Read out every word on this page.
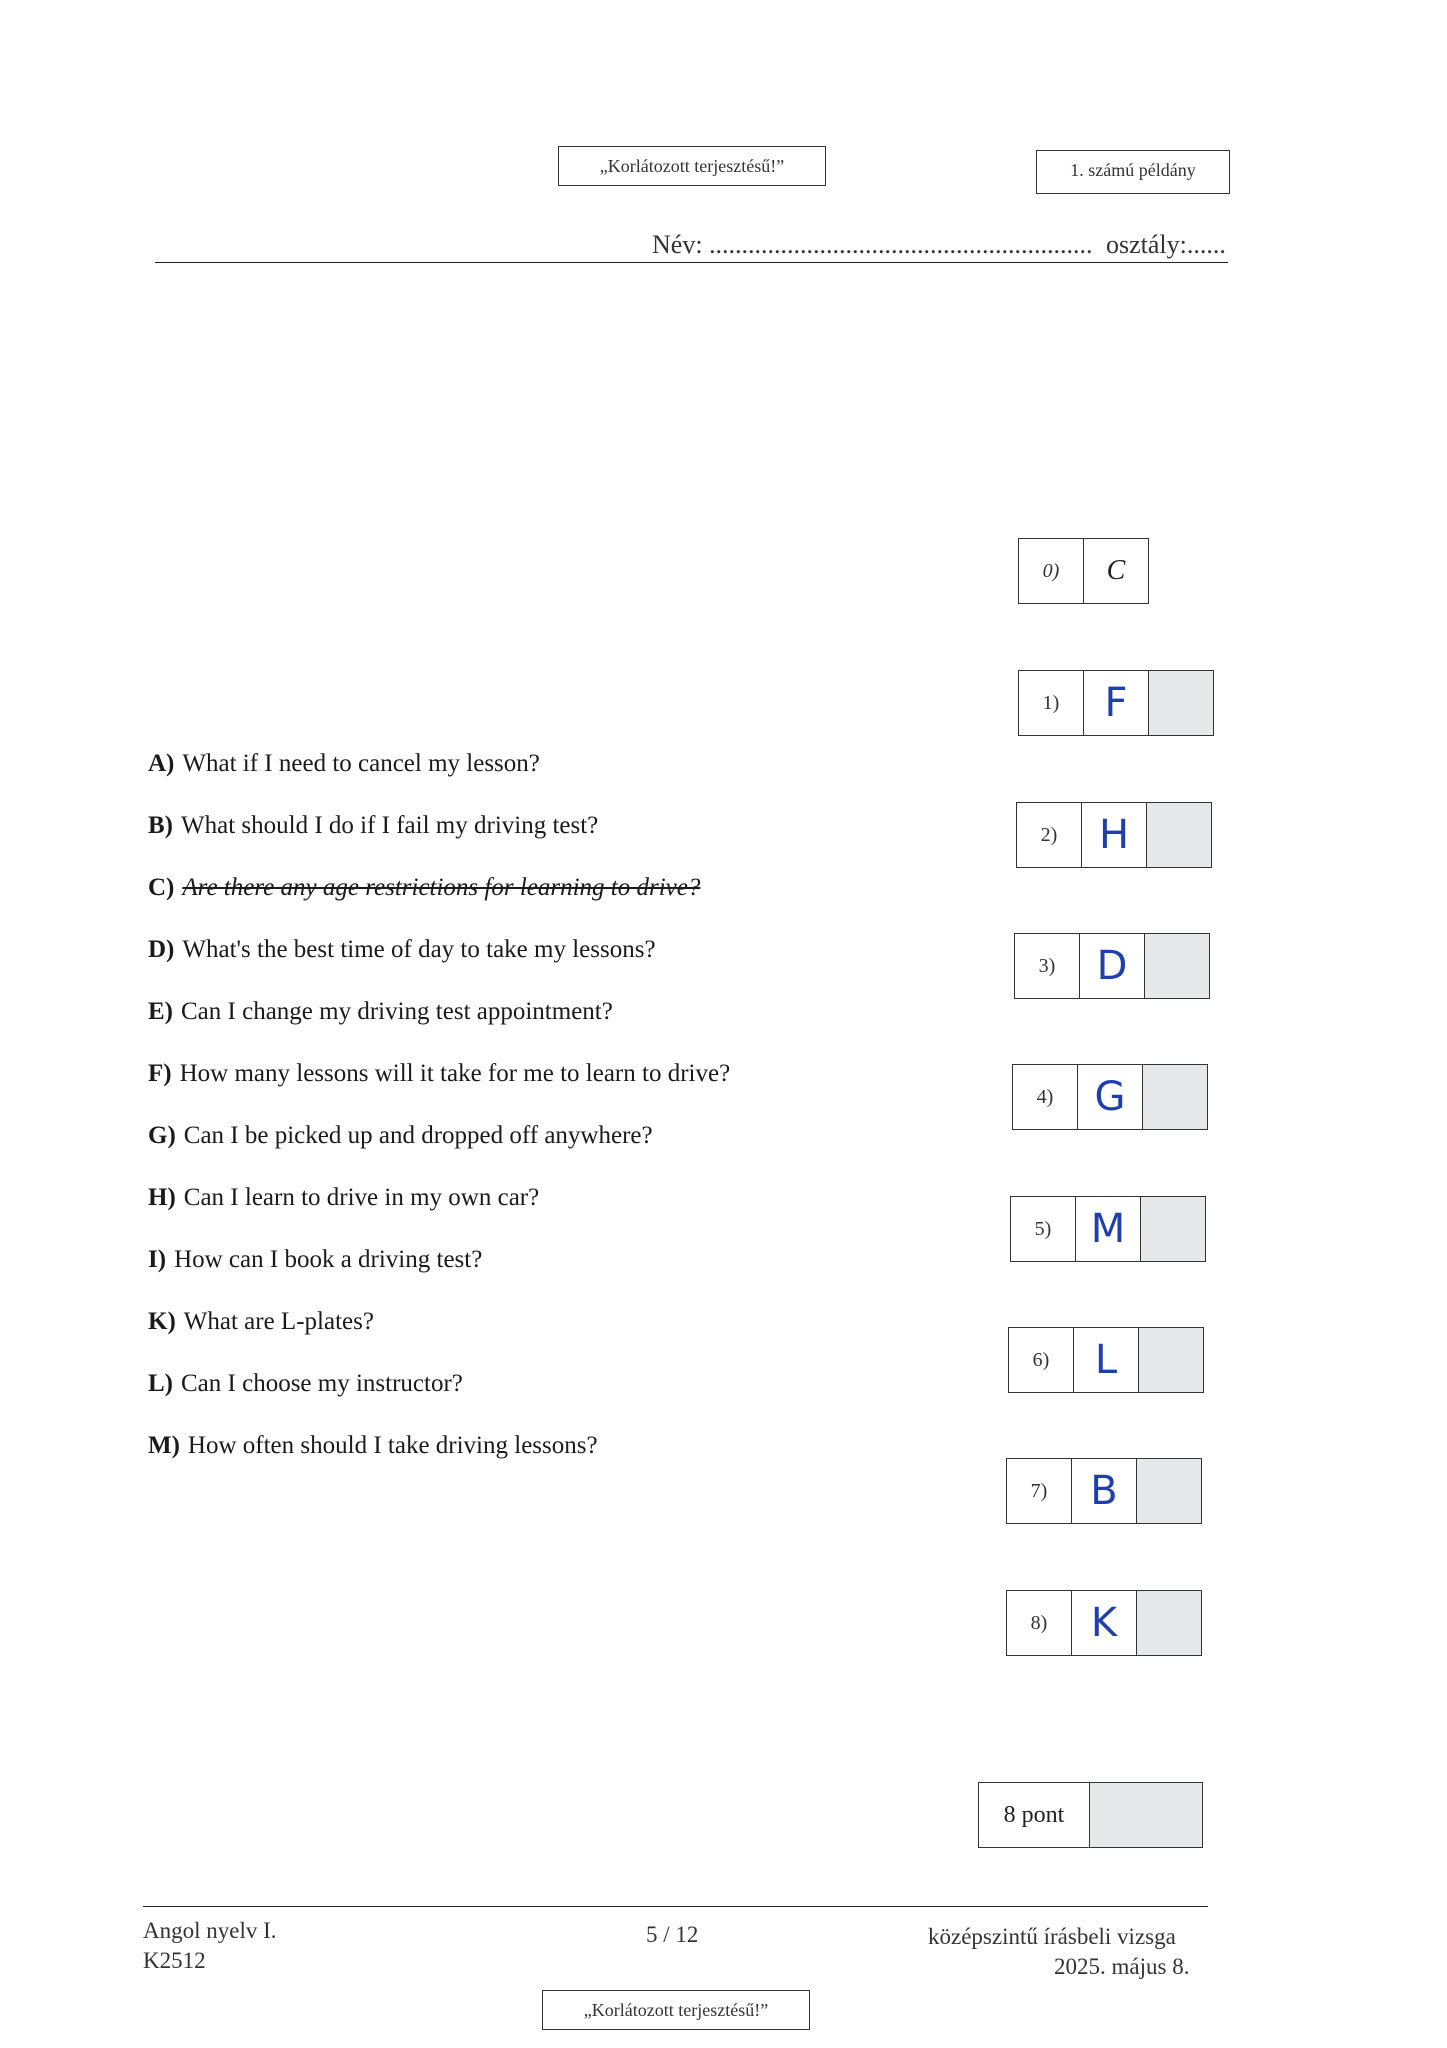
„Korlátozott terjesztésű!”	1. számú példány
Név: ........................................................... osztály:......
0)	C
A) What if I need to cancel my lesson?
B) What should I do if I fail my driving test?
C) Are there any age restrictions for learning to drive?
D) What's the best time of day to take my lessons?
E) Can I change my driving test appointment?
F) How many lessons will it take for me to learn to drive?
G) Can I be picked up and dropped off anywhere?
H) Can I learn to drive in my own car?
I) How can I book a driving test?
K) What are L-plates?
L) Can I choose my instructor?
M) How often should I take driving lessons?
1)	F
2)	H
3)	D
4)	G
5) M
6)	L
7)	B
8)	K
8 pont
Angol nyelv I.
K2512
5 / 12	középszintű írásbeli vizsga
2025. május 8.
„Korlátozott terjesztésű!”
